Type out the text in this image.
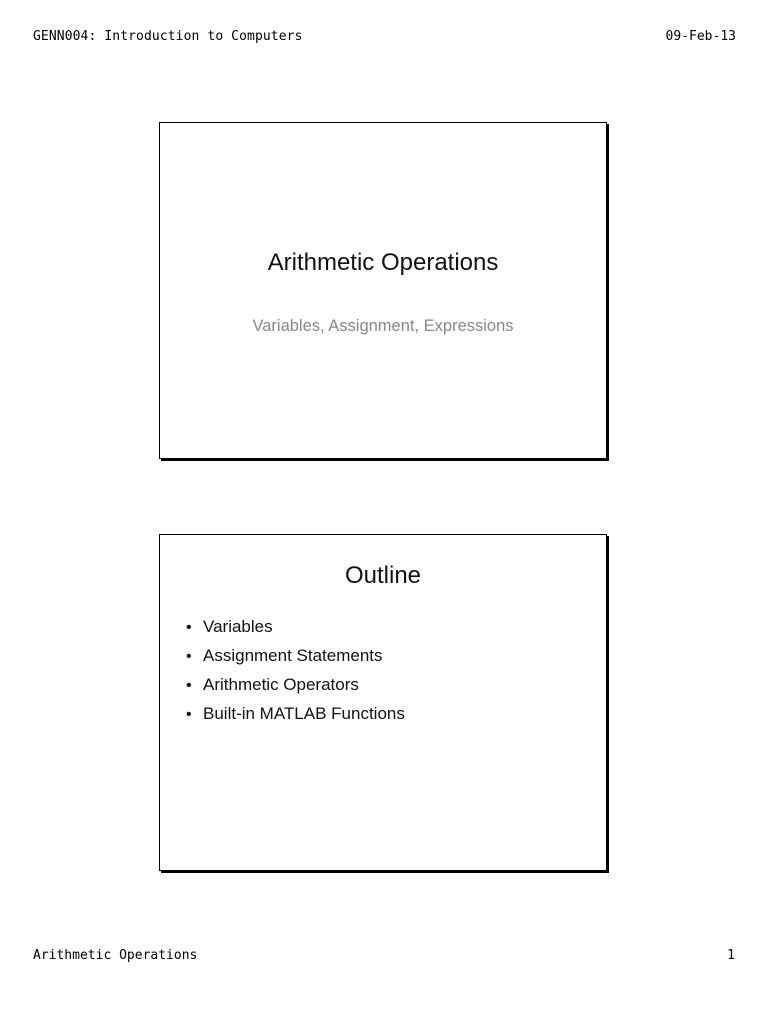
GENN004: Introduction to Computers	09-Feb-13
Arithmetic Operations
Variables, Assignment, Expressions
Outline
• Variables
• Assignment Statements
• Arithmetic Operators
• Built-in MATLAB Functions
Arithmetic Operations	1
